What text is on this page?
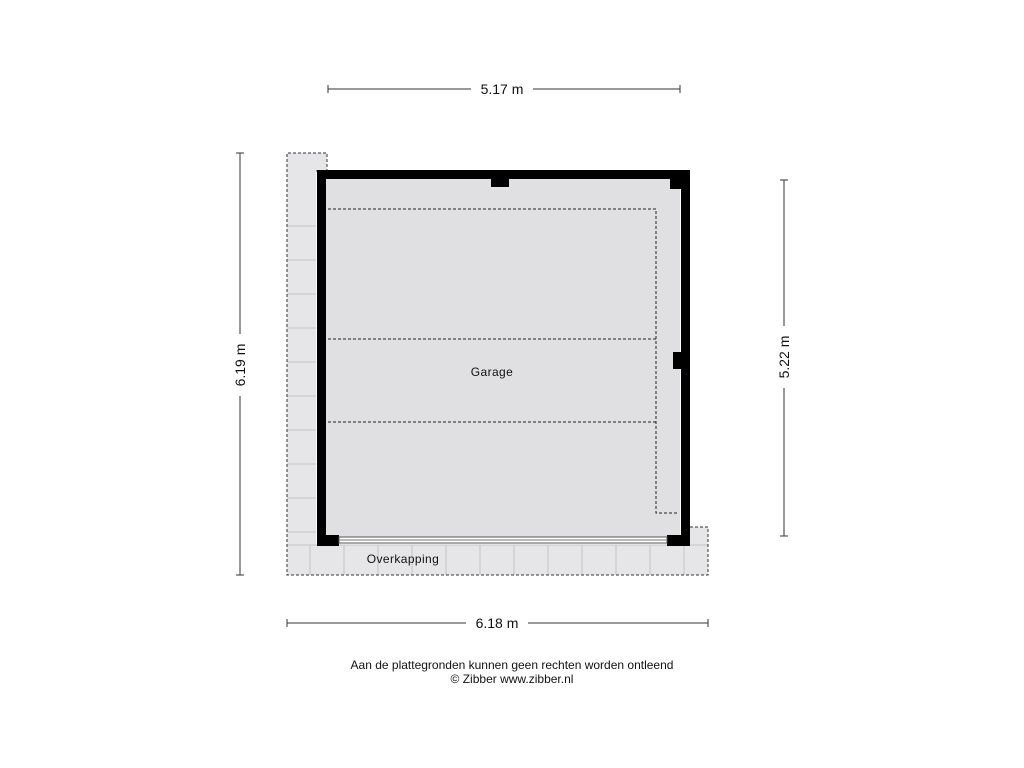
5.17 m
6.18 m
6.19 m	5.22 m
Garage
Overkapping
Aan de plattegronden kunnen geen rechten worden ontleend
© Zibber www.zibber.nl
